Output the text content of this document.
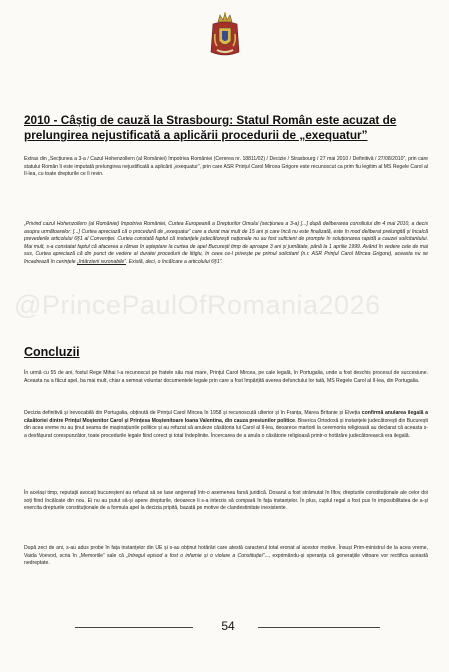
2010 - Câștig de cauză la Strasbourg: Statul Român este acuzat de prelungirea nejustificată a aplicării procedurii de „exequatur”
Extras din „Secțiunea a 3-a / Cazul Hohenzollern (al României) împotriva României (Cererea nr. 18811/02) / Decizie / Strasbourg / 27 mai 2010 / Definitivă / 27/08/2010”, prin care statului Român îi este imputată prelungirea nejustificată a aplicării „exequatur”, prin care ASR Prințul Carol Mircea Grigore este recunoscut ca prim fiu legitim al MS Regele Carol al II-lea, cu toate drepturile ce îi revin.
„Privind cazul Hohenzollern (al României) împotriva României, Curtea Europeană a Drepturilor Omului (secțiunea a 3-a) [...] după deliberarea consiliului din 4 mai 2010, a decis asupra următoarelor: [...] Curtea apreciază că o procedură de „exequatur” care a durat mai mult de 15 ani și care încă nu este finalizată, este în mod deliberat prelungită și încalcă prevederile articolului 6§1 al Convenției. Curtea constată faptul că instanțele judecătorești naționale nu au fost suficient de prompte în soluționarea rapidă a cauzei solicitantului. Mai mult, s-a constatat faptul că afacerea a rămas în așteptare la curtea de apel București timp de aproape 3 ani și jumătate, până la 1 aprilie 1999. Având în vedere cele de mai sus, Curtea apreciază că din punct de vedere al duratei procedurii de litigiu, în ceea ce-l privește pe primul solicitant (n.r. ASR Prințul Carol Mircea Grigore), aceasta nu se încadrează în cerințele „întârzierii rezonabile”. Există, deci, o încălcare a articolului 6§1”.
@PrincePaulOfRomania2026
Concluzii
În urmă cu 55 de ani, fostul Rege Mihai I-a recunoscut pe fratele său mai mare, Prințul Carol Mircea, pe cale legală, în Portugalia, unde a fost deschis procesul de succesiune. Aceasta nu a făcut apel, ba mai mult, chiar a semnat voluntar documentele legale prin care a fost împărțită averea defunctului lor tată, MS Regele Carol al II-lea, din Portugalia.
Decizia definitivă și irevocabilă din Portugalia, obținută de Prințul Carol Mircea în 1958 și recunoscută ulterior și în Franța, Marea Britanie și Elveția confirmă anularea ilegală a căsătoriei dintre Prințul Moștenitor Carol și Prințesa Moștenitoare Ioana Valentina, din cauza presiunilor politice. Biserica Ortodoxă și instanțele judecătorești din București din acea vreme nu au ținut seama de mașinațiunile politice și au refuzat să anuleze căsătoria lui Carol al II-lea, deoarece martorii la ceremonia religioasă au declarat că aceasta s-a desfășurat corespunzător, toate procedurile legale fiind corect și total îndeplinite. Încercarea de a anula o căsătorie religioasă printr-o hotărâre judecătorească era ilegală.
În același timp, reputații avocați bucureșteni au refuzat să se lase angrenați într-o asemenea farsă juridică. Dosarul a fost strămutat în Ilfov, drepturile constituționale ale celor doi soți fiind încălcate din nou. Ei nu au putut să-și apere drepturile, deoarece li s-a interzis să compară în fața instanțelor. În plus, cuplul regal a fost pus în imposibilitatea de a-și exercita drepturile constituționale de a formula apel la decizia pripită, bazată pe motive de clandestinitate inexistente.
După zeci de ani, s-au adus probe în fața instanțelor din UE și s-au obținut hotărâri care atestă caracterul total eronat al acestor motive. Însuși Prim-ministrul de la acea vreme, Vaida Voevod, scria în „Memoriile” sale că „întregul episod a fost o infamie și o violare a Constituției”..., exprimându-și speranța că generațiile viitoare vor rectifica această nedreptate.
54
